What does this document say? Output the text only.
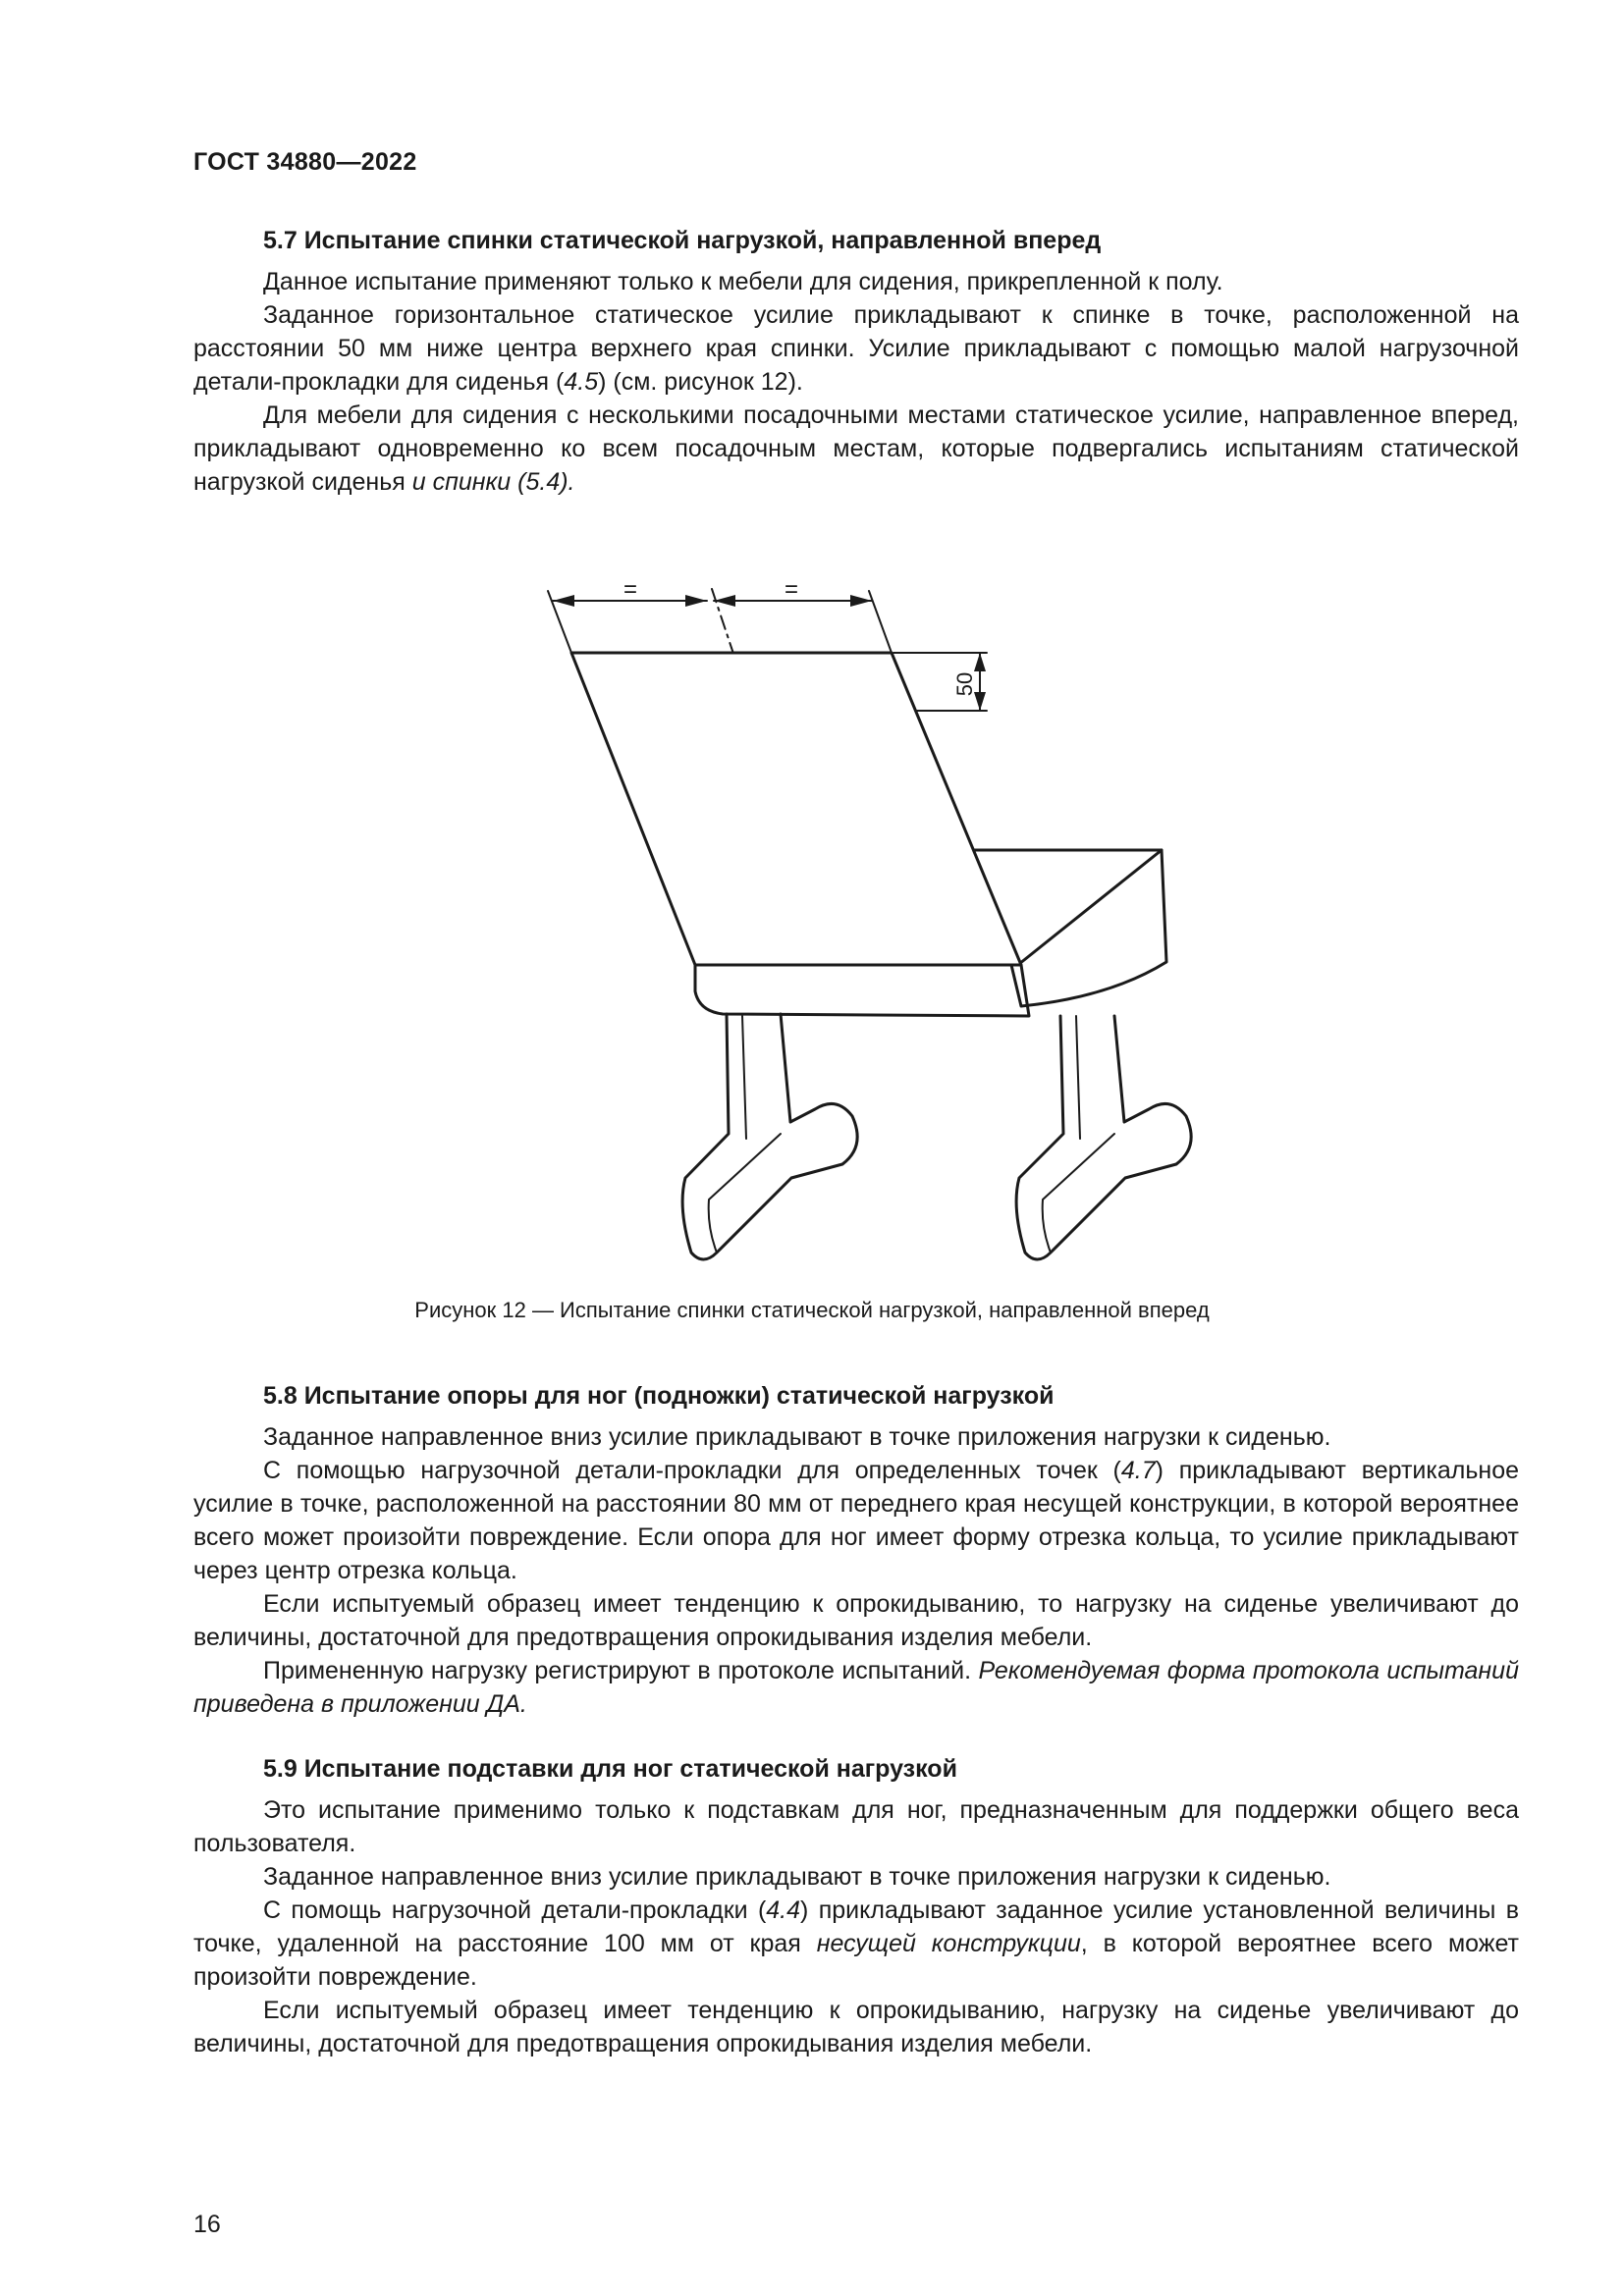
ГОСТ 34880—2022
5.7 Испытание спинки статической нагрузкой, направленной вперед

Данное испытание применяют только к мебели для сидения, прикрепленной к полу.

Заданное горизонтальное статическое усилие прикладывают к спинке в точке, расположенной на расстоянии 50 мм ниже центра верхнего края спинки. Усилие прикладывают с помощью малой нагрузочной детали-прокладки для сиденья (4.5) (см. рисунок 12).

Для мебели для сидения с несколькими посадочными местами статическое усилие, направленное вперед, прикладывают одновременно ко всем посадочным местам, которые подвергались испытаниям статической нагрузкой сиденья и спинки (5.4).

=	=
50
Рисунок 12 — Испытание спинки статической нагрузкой, направленной вперед
5.8 Испытание опоры для ног (подножки) статической нагрузкой

Заданное направленное вниз усилие прикладывают в точке приложения нагрузки к сиденью.

С помощью нагрузочной детали-прокладки для определенных точек (4.7) прикладывают вертикальное усилие в точке, расположенной на расстоянии 80 мм от переднего края несущей конструкции, в которой вероятнее всего может произойти повреждение. Если опора для ног имеет форму отрезка кольца, то усилие прикладывают через центр отрезка кольца.

Если испытуемый образец имеет тенденцию к опрокидыванию, то нагрузку на сиденье увеличивают до величины, достаточной для предотвращения опрокидывания изделия мебели.

Примененную нагрузку регистрируют в протоколе испытаний. Рекомендуемая форма протокола испытаний приведена в приложении ДА.

5.9 Испытание подставки для ног статической нагрузкой

Это испытание применимо только к подставкам для ног, предназначенным для поддержки общего веса пользователя.

Заданное направленное вниз усилие прикладывают в точке приложения нагрузки к сиденью.

С помощь нагрузочной детали-прокладки (4.4) прикладывают заданное усилие установленной величины в точке, удаленной на расстояние 100 мм от края несущей конструкции, в которой вероятнее всего может произойти повреждение.

Если испытуемый образец имеет тенденцию к опрокидыванию, нагрузку на сиденье увеличивают до величины, достаточной для предотвращения опрокидывания изделия мебели.

16
